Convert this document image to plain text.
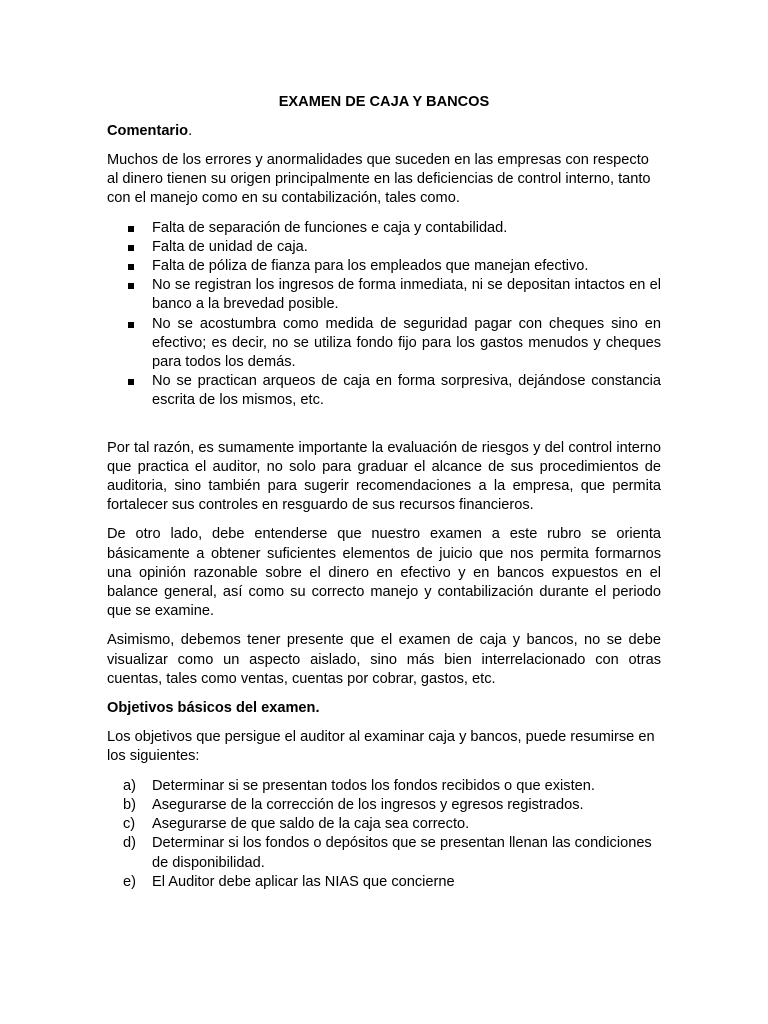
EXAMEN DE CAJA Y BANCOS
Comentario.

Muchos de los errores y anormalidades que suceden en las empresas con respecto al dinero tienen su origen principalmente en las deficiencias de control interno, tanto con el manejo como en su contabilización, tales como.

Falta de separación de funciones e caja y contabilidad.
Falta de unidad de caja.
Falta de póliza de fianza para los empleados que manejan efectivo.
No se registran los ingresos de forma inmediata, ni se depositan intactos en el banco a la brevedad posible.
No se acostumbra como medida de seguridad pagar con cheques sino en efectivo; es decir, no se utiliza fondo fijo para los gastos menudos y cheques para todos los demás.
No se practican arqueos de caja en forma sorpresiva, dejándose constancia escrita de los mismos, etc.

Por tal razón, es sumamente importante la evaluación de riesgos y del control interno que practica el auditor, no solo para graduar el alcance de sus procedimientos de auditoria, sino también para sugerir recomendaciones a la empresa, que permita fortalecer sus controles en resguardo de sus recursos financieros.

De otro lado, debe entenderse que nuestro examen a este rubro se orienta básicamente a obtener suficientes elementos de juicio que nos permita formarnos una opinión razonable sobre el dinero en efectivo y en bancos expuestos en el balance general, así como su correcto manejo y contabilización durante el periodo que se examine.

Asimismo, debemos tener presente que el examen de caja y bancos, no se debe visualizar como un aspecto aislado, sino más bien interrelacionado con otras cuentas, tales como ventas, cuentas por cobrar, gastos, etc.

Objetivos básicos del examen.

Los objetivos que persigue el auditor al examinar caja y bancos, puede resumirse en los siguientes:

a) Determinar si se presentan todos los fondos recibidos o que existen.
b) Asegurarse de la corrección de los ingresos y egresos registrados.
c) Asegurarse de que saldo de la caja sea correcto.
d) Determinar si los fondos o depósitos que se presentan llenan las condiciones de disponibilidad.
e) El Auditor debe aplicar las NIAS que concierne
